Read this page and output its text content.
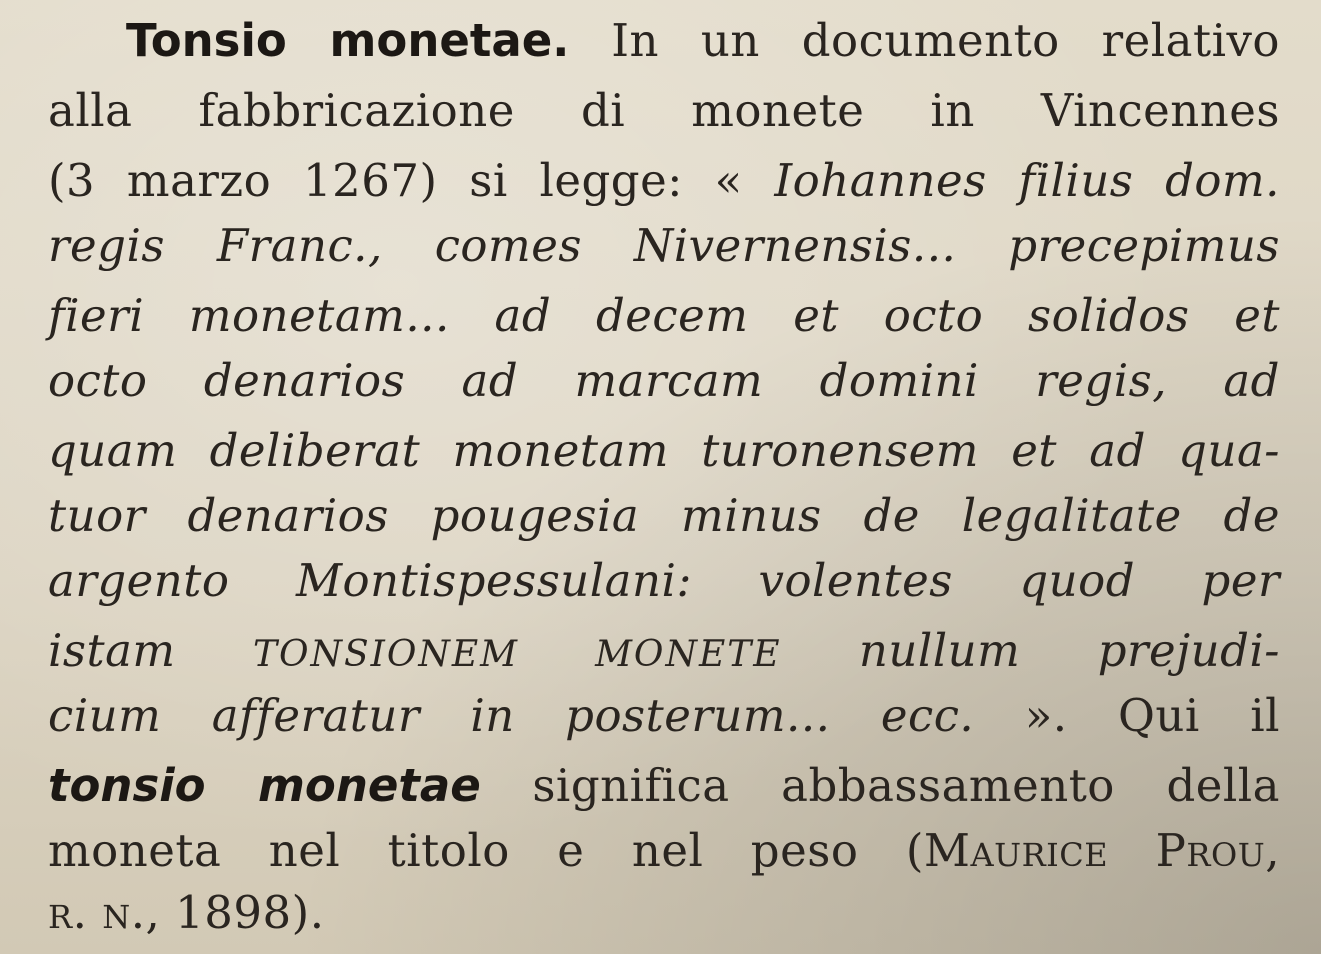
Tonsio monetae. In un documento relativo
alla fabbricazione di monete in Vincennes
(3 marzo 1267) si legge: « Iohannes filius dom.
regis Franc., comes Nivernensis... precepimus
fieri monetam... ad decem et octo solidos et
octo denarios ad marcam domini regis, ad
quam deliberat monetam turonensem et ad qua-
tuor denarios pougesia minus de legalitate de
argento Montispessulani: volentes quod per
istam TONSIONEM MONETE nullum prejudi-
cium afferatur in posterum... ecc. ». Qui il
tonsio monetae significa abbassamento della
moneta nel titolo e nel peso (Maurice Prou,
r. n., 1898).
